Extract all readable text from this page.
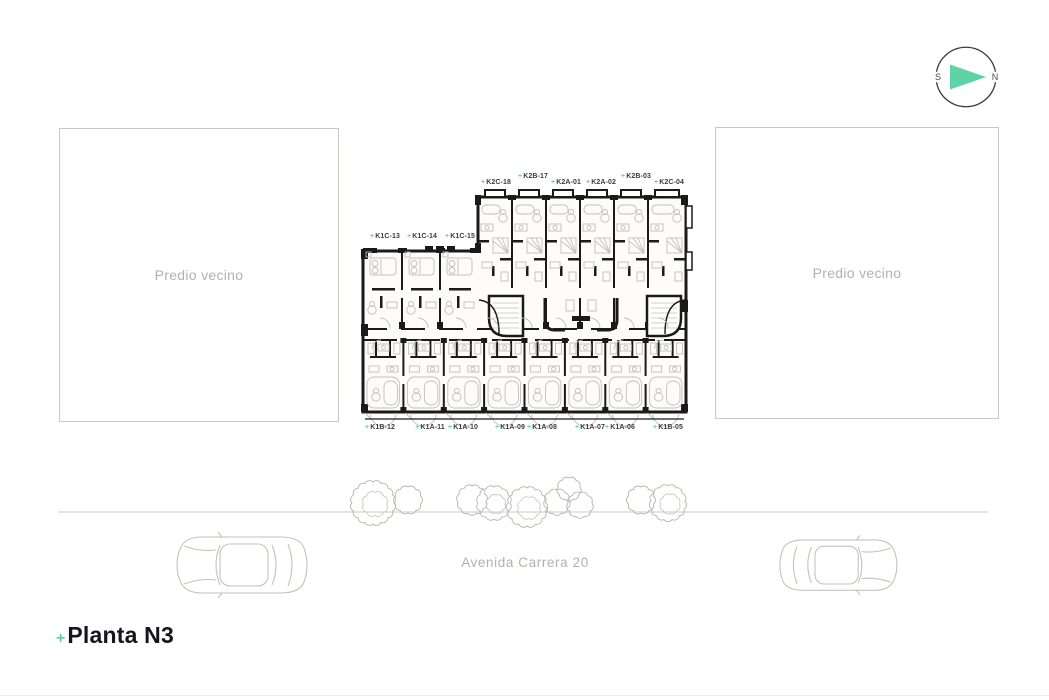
Predio vecino	Predio vecino
+K2C-18
+K2B-17
+K2A-01 +K2A-02
+K2B-03
+K2C-04
+K1C-13 +K1C-14 +K1C-15
+K1B-12	+K1A-11 +K1A-10 +K1A-09 +K1A-08	+K1A-07 +K1A-06	+K1B-05
S	N
Avenida Carrera 20
+ Planta N3
